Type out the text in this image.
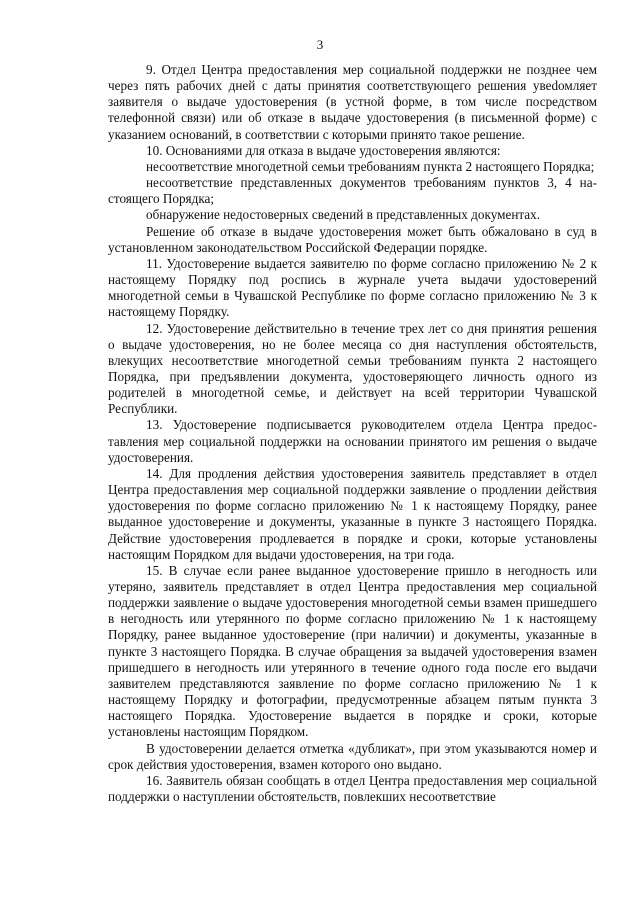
3

9. Отдел Центра предоставления мер социальной поддержки не позднее чем через пять рабочих дней с даты принятия соответствующего решения увеdомляет заявителя о выдаче удостоверения (в устной форме, в том числе посредством телефонной связи) или об отказе в выдаче удостоверения (в письменной форме) с указанием оснований, в соответствии с которыми принято такое решение.

10. Основаниями для отказа в выдаче удостоверения являются:

несоответствие многодетной семьи требованиям пункта 2 настоящего Порядка;

несоответствие представленных документов требованиям пунктов 3, 4 настоящего Порядка;

обнаружение недостоверных сведений в представленных документах.

Решение об отказе в выдаче удостоверения может быть обжаловано в суд в установленном законодательством Российской Федерации порядке.

11. Удостоверение выдается заявителю по форме согласно приложению № 2 к настоящему Порядку под роспись в журнале учета выдачи удостоверений многодетной семьи в Чувашской Республике по форме согласно приложению № 3 к настоящему Порядку.

12. Удостоверение действительно в течение трех лет со дня принятия решения о выдаче удостоверения, но не более месяца со дня наступления обстоятельств, влекущих несоответствие многодетной семьи требованиям пункта 2 настоящего Порядка, при предъявлении документа, удостоверяющего личность одного из родителей в многодетной семье, и действует на всей территории Чувашской Республики.

13. Удостоверение подписывается руководителем отдела Центра предоставления мер социальной поддержки на основании принятого им решения о выдаче удостоверения.

14. Для продления действия удостоверения заявитель представляет в отдел Центра предоставления мер социальной поддержки заявление о продлении действия удостоверения по форме согласно приложению № 1 к настоящему Порядку, ранее выданное удостоверение и документы, указанные в пункте 3 настоящего Порядка. Действие удостоверения продлевается в порядке и сроки, которые установлены настоящим Порядком для выдачи удостоверения, на три года.

15. В случае если ранее выданное удостоверение пришло в негодность или утеряно, заявитель представляет в отдел Центра предоставления мер социальной поддержки заявление о выдаче удостоверения многодетной семьи взамен пришедшего в негодность или утерянного по форме согласно приложению № 1 к настоящему Порядку, ранее выданное удостоверение (при наличии) и документы, указанные в пункте 3 настоящего Порядка. В случае обращения за выдачей удостоверения взамен пришедшего в негодность или утерянного в течение одного года после его выдачи заявителем представляются заявление по форме согласно приложению № 1 к настоящему Порядку и фотографии, предусмотренные абзацем пятым пункта 3 настоящего Порядка. Удостоверение выдается в порядке и сроки, которые установлены настоящим Порядком.

В удостоверении делается отметка «дубликат», при этом указываются номер и срок действия удостоверения, взамен которого оно выдано.

16. Заявитель обязан сообщать в отдел Центра предоставления мер социальной поддержки о наступлении обстоятельств, повлекших несоответствие
